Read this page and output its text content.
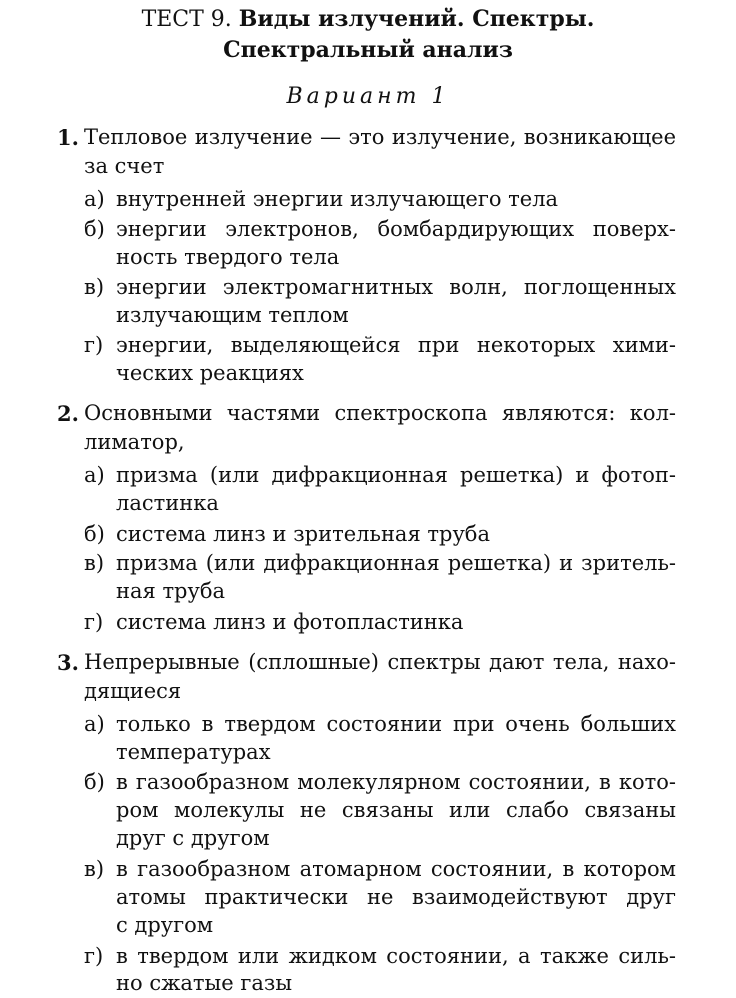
ТЕСТ 9. Виды излучений. Спектры.
Спектральный анализ
Вариант 1
1. Тепловое излучение — это излучение, возникающее
за счет
а) внутренней энергии излучающего тела
б) энергии электронов, бомбардирующих поверх-
ность твердого тела
в) энергии электромагнитных волн, поглощенных
излучающим теплом
г) энергии, выделяющейся при некоторых хими-
ческих реакциях
2. Основными частями спектроскопа являются: кол-
лиматор,
а) призма (или дифракционная решетка) и фотоп-
ластинка
б) система линз и зрительная труба
в) призма (или дифракционная решетка) и зритель-
ная труба
г) система линз и фотопластинка
3. Непрерывные (сплошные) спектры дают тела, нахо-
дящиеся
а) только в твердом состоянии при очень больших
температурах
б) в газообразном молекулярном состоянии, в кото-
ром молекулы не связаны или слабо связаны
друг с другом
в) в газообразном атомарном состоянии, в котором
атомы практически не взаимодействуют друг
с другом
г) в твердом или жидком состоянии, а также силь-
но сжатые газы
